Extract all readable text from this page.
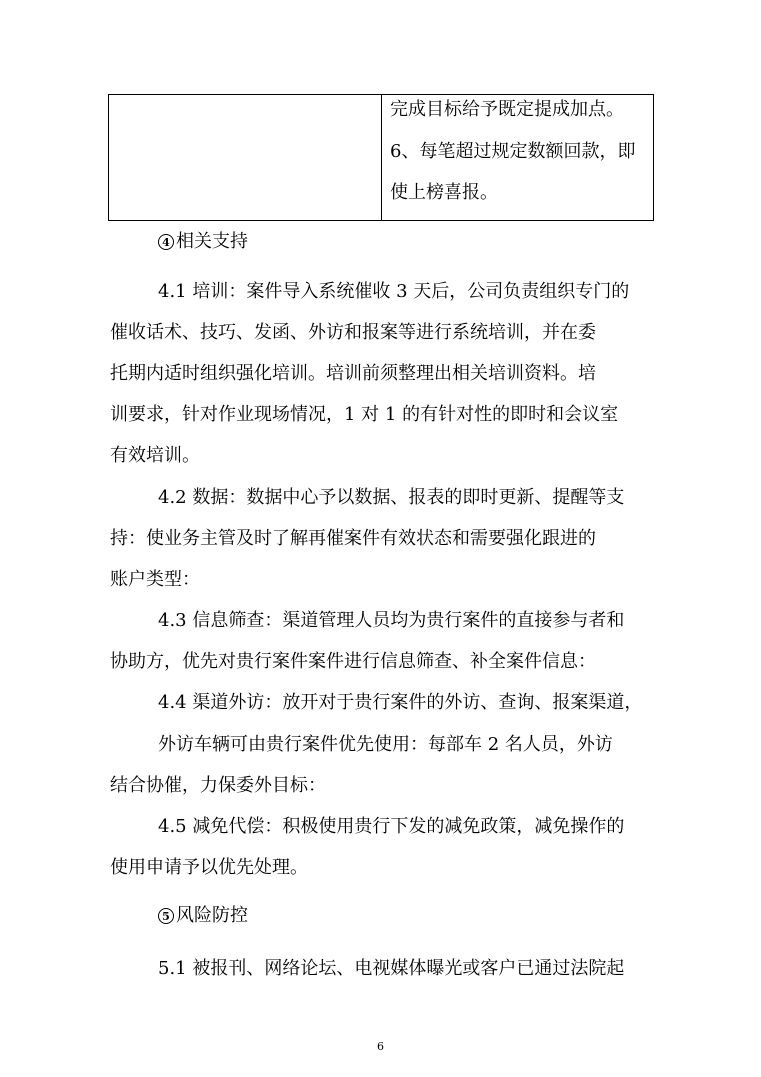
完成目标给予既定提成加点。
6、每笔超过规定数额回款，即
使上榜喜报。
4 相关支持
4.1 培训：案件导入系统催收 3 天后，公司负责组织专门的
催收话术、技巧、发函、外访和报案等进行系统培训，并在委
托期内适时组织强化培训。培训前须整理出相关培训资料。培
训要求，针对作业现场情况，1 对 1 的有针对性的即时和会议室
有效培训。
4.2 数据：数据中心予以数据、报表的即时更新、提醒等支
持：使业务主管及时了解再催案件有效状态和需要强化跟进的
账户类型：
4.3 信息筛查：渠道管理人员均为贵行案件的直接参与者和
协助方，优先对贵行案件案件进行信息筛查、补全案件信息：
4.4 渠道外访：放开对于贵行案件的外访、查询、报案渠道，
外访车辆可由贵行案件优先使用：每部车 2 名人员，外访
结合协催，力保委外目标：
4.5 减免代偿：积极使用贵行下发的减免政策，减免操作的
使用申请予以优先处理。
5 风险防控
5.1 被报刊、网络论坛、电视媒体曝光或客户已通过法院起
6
